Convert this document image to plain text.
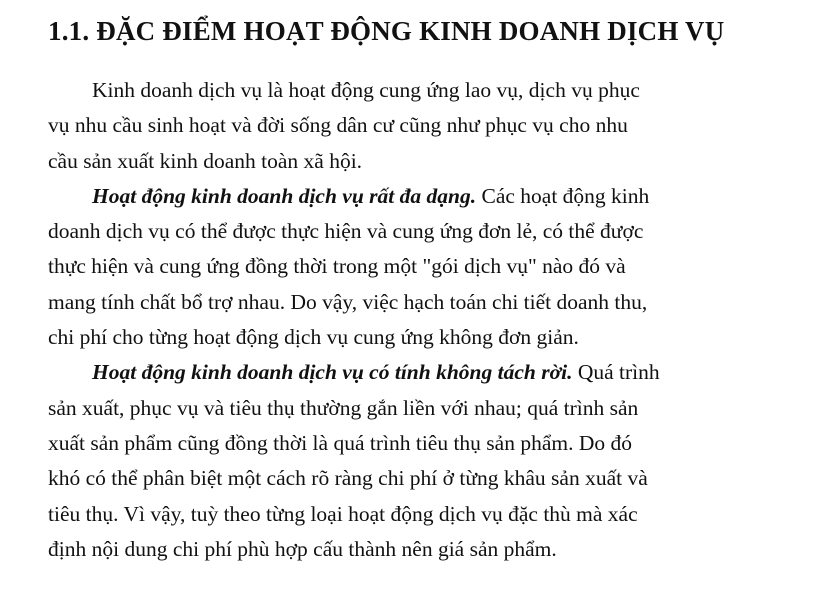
1.1. ĐẶC ĐIỂM HOẠT ĐỘNG KINH DOANH DỊCH VỤ
Kinh doanh dịch vụ là hoạt động cung ứng lao vụ, dịch vụ phục
vụ nhu cầu sinh hoạt và đời sống dân cư cũng như phục vụ cho nhu
cầu sản xuất kinh doanh toàn xã hội.
Hoạt động kinh doanh dịch vụ rất đa dạng. Các hoạt động kinh
doanh dịch vụ có thể được thực hiện và cung ứng đơn lẻ, có thể được
thực hiện và cung ứng đồng thời trong một "gói dịch vụ" nào đó và
mang tính chất bổ trợ nhau. Do vậy, việc hạch toán chi tiết doanh thu,
chi phí cho từng hoạt động dịch vụ cung ứng không đơn giản.
Hoạt động kinh doanh dịch vụ có tính không tách rời. Quá trình
sản xuất, phục vụ và tiêu thụ thường gắn liền với nhau; quá trình sản
xuất sản phẩm cũng đồng thời là quá trình tiêu thụ sản phẩm. Do đó
khó có thể phân biệt một cách rõ ràng chi phí ở từng khâu sản xuất và
tiêu thụ. Vì vậy, tuỳ theo từng loại hoạt động dịch vụ đặc thù mà xác
định nội dung chi phí phù hợp cấu thành nên giá sản phẩm.
